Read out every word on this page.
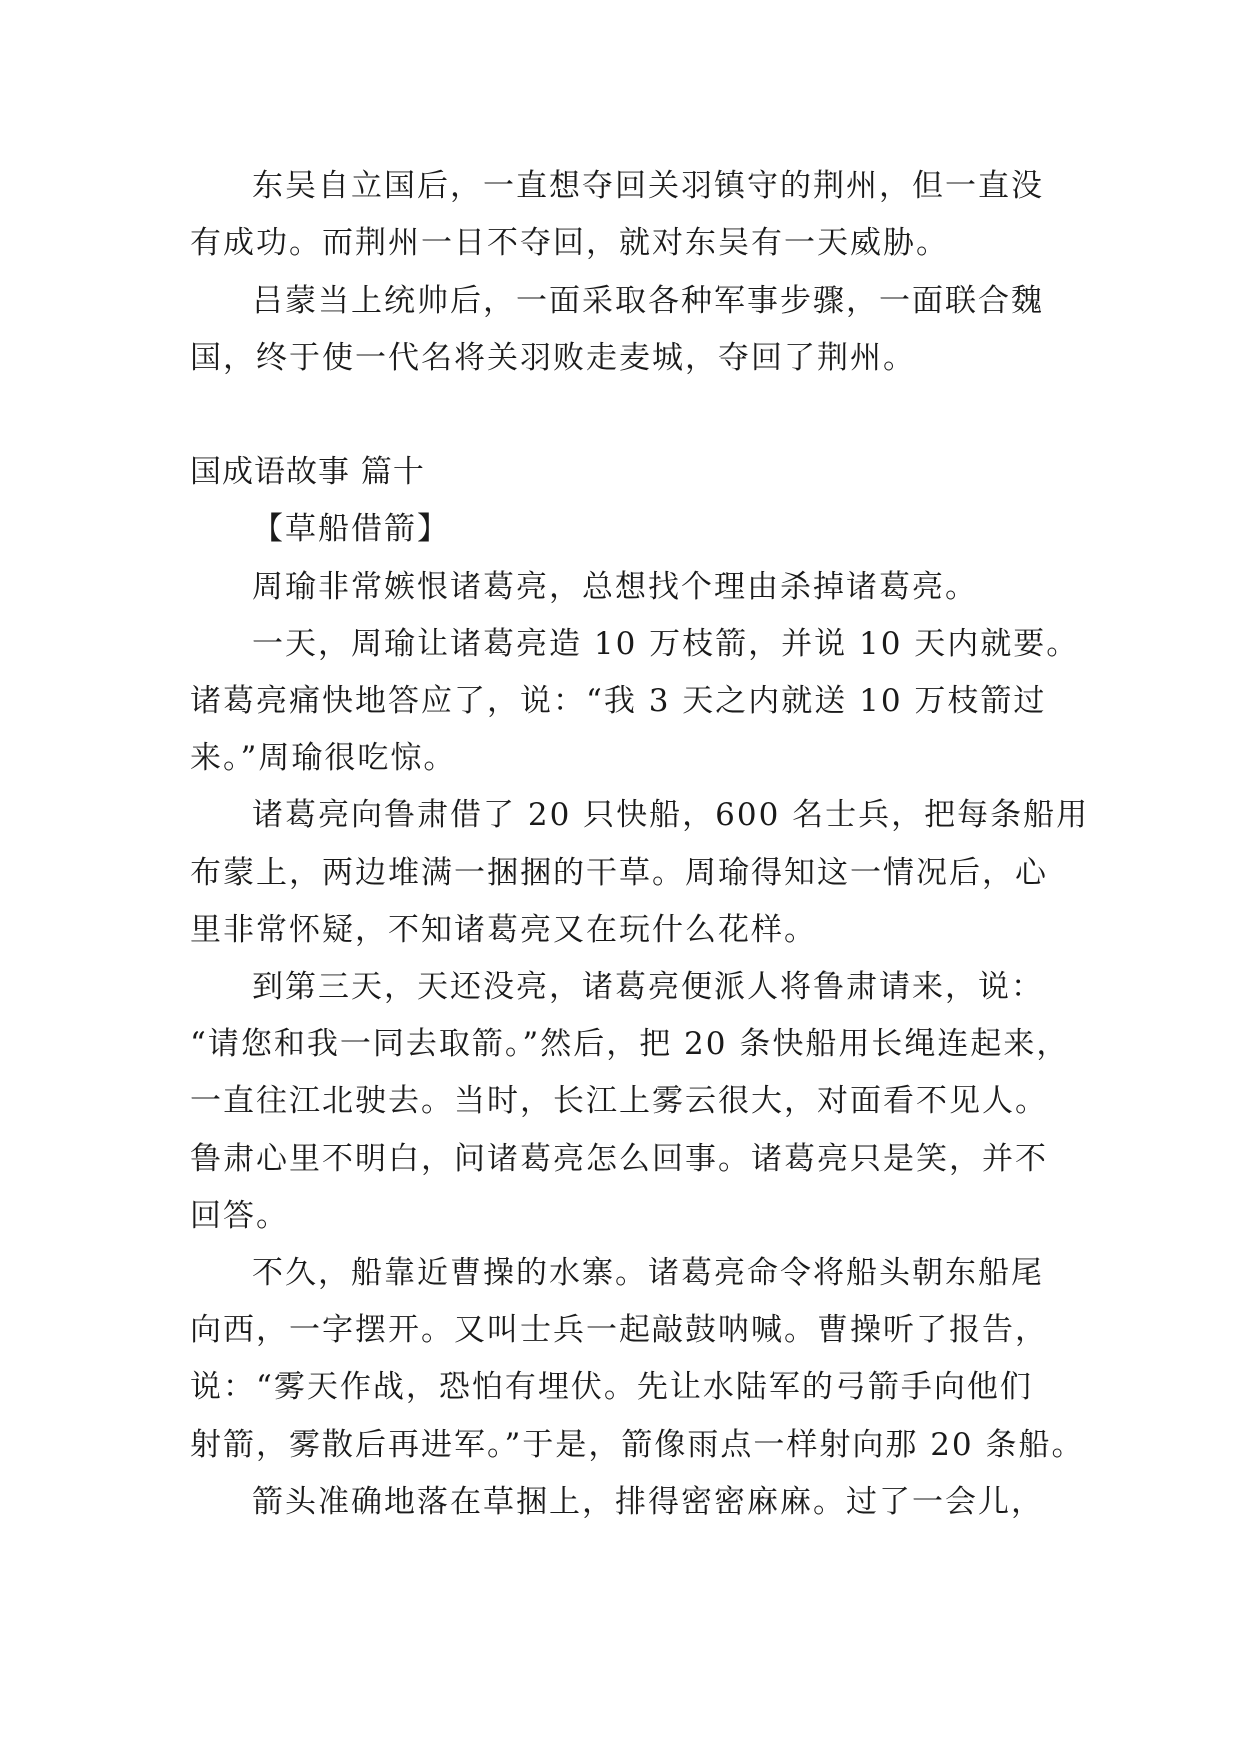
东吴自立国后，一直想夺回关羽镇守的荆州，但一直没
有成功。而荆州一日不夺回，就对东吴有一天威胁。
吕蒙当上统帅后，一面采取各种军事步骤，一面联合魏
国，终于使一代名将关羽败走麦城，夺回了荆州。
国成语故事 篇十
【草船借箭】
周瑜非常嫉恨诸葛亮，总想找个理由杀掉诸葛亮。
一天，周瑜让诸葛亮造 10 万枝箭，并说 10 天内就要。
诸葛亮痛快地答应了，说：“我 3 天之内就送 10 万枝箭过
来。”周瑜很吃惊。
诸葛亮向鲁肃借了 20 只快船，600 名士兵，把每条船用
布蒙上，两边堆满一捆捆的干草。周瑜得知这一情况后，心
里非常怀疑，不知诸葛亮又在玩什么花样。
到第三天，天还没亮，诸葛亮便派人将鲁肃请来，说：
“请您和我一同去取箭。”然后，把 20 条快船用长绳连起来，
一直往江北驶去。当时，长江上雾云很大，对面看不见人。
鲁肃心里不明白，问诸葛亮怎么回事。诸葛亮只是笑，并不
回答。
不久，船靠近曹操的水寨。诸葛亮命令将船头朝东船尾
向西，一字摆开。又叫士兵一起敲鼓呐喊。曹操听了报告，
说：“雾天作战，恐怕有埋伏。先让水陆军的弓箭手向他们
射箭，雾散后再进军。”于是，箭像雨点一样射向那 20 条船。
箭头准确地落在草捆上，排得密密麻麻。过了一会儿，
